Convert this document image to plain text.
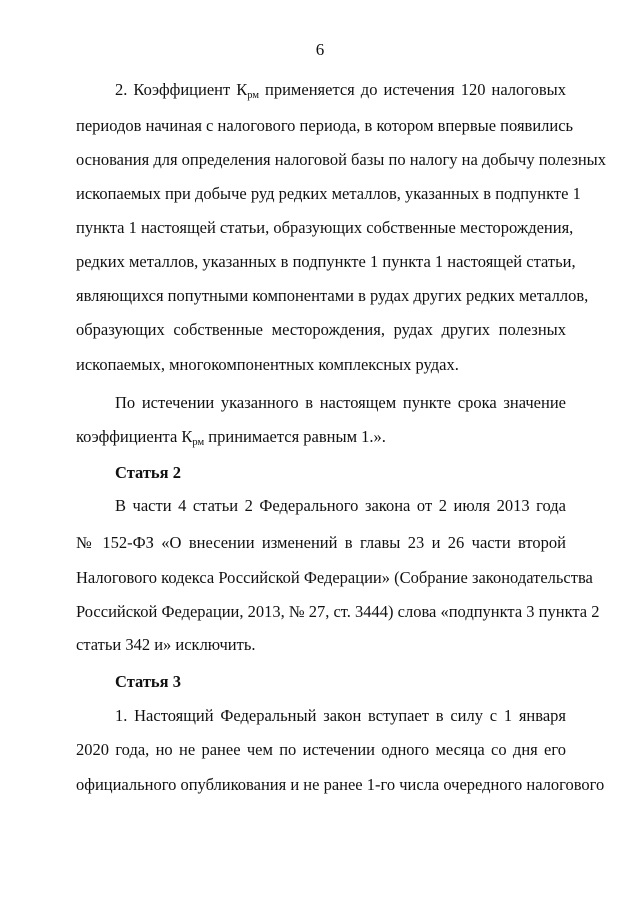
6
2. Коэффициент $К_{рм}$ применяется до истечения 120 налоговых
периодов начиная с налогового периода, в котором впервые появились
основания для определения налоговой базы по налогу на добычу полезных
ископаемых при добыче руд редких металлов, указанных в подпункте 1
пункта 1 настоящей статьи, образующих собственные месторождения,
редких металлов, указанных в подпункте 1 пункта 1 настоящей статьи,
являющихся попутными компонентами в рудах других редких металлов,
образующих собственные месторождения, рудах других полезных
ископаемых, многокомпонентных комплексных рудах.
По истечении указанного в настоящем пункте срока значение
коэффициента $К_{рм}$ принимается равным 1.».
Статья 2
В части 4 статьи 2 Федерального закона от 2 июля 2013 года
№ 152-ФЗ «О внесении изменений в главы 23 и 26 части второй
Налогового кодекса Российской Федерации» (Собрание законодательства
Российской Федерации, 2013, № 27, ст. 3444) слова «подпункта 3 пункта 2
статьи 342 и» исключить.
Статья 3
1. Настоящий Федеральный закон вступает в силу с 1 января
2020 года, но не ранее чем по истечении одного месяца со дня его
официального опубликования и не ранее 1-го числа очередного налогового
